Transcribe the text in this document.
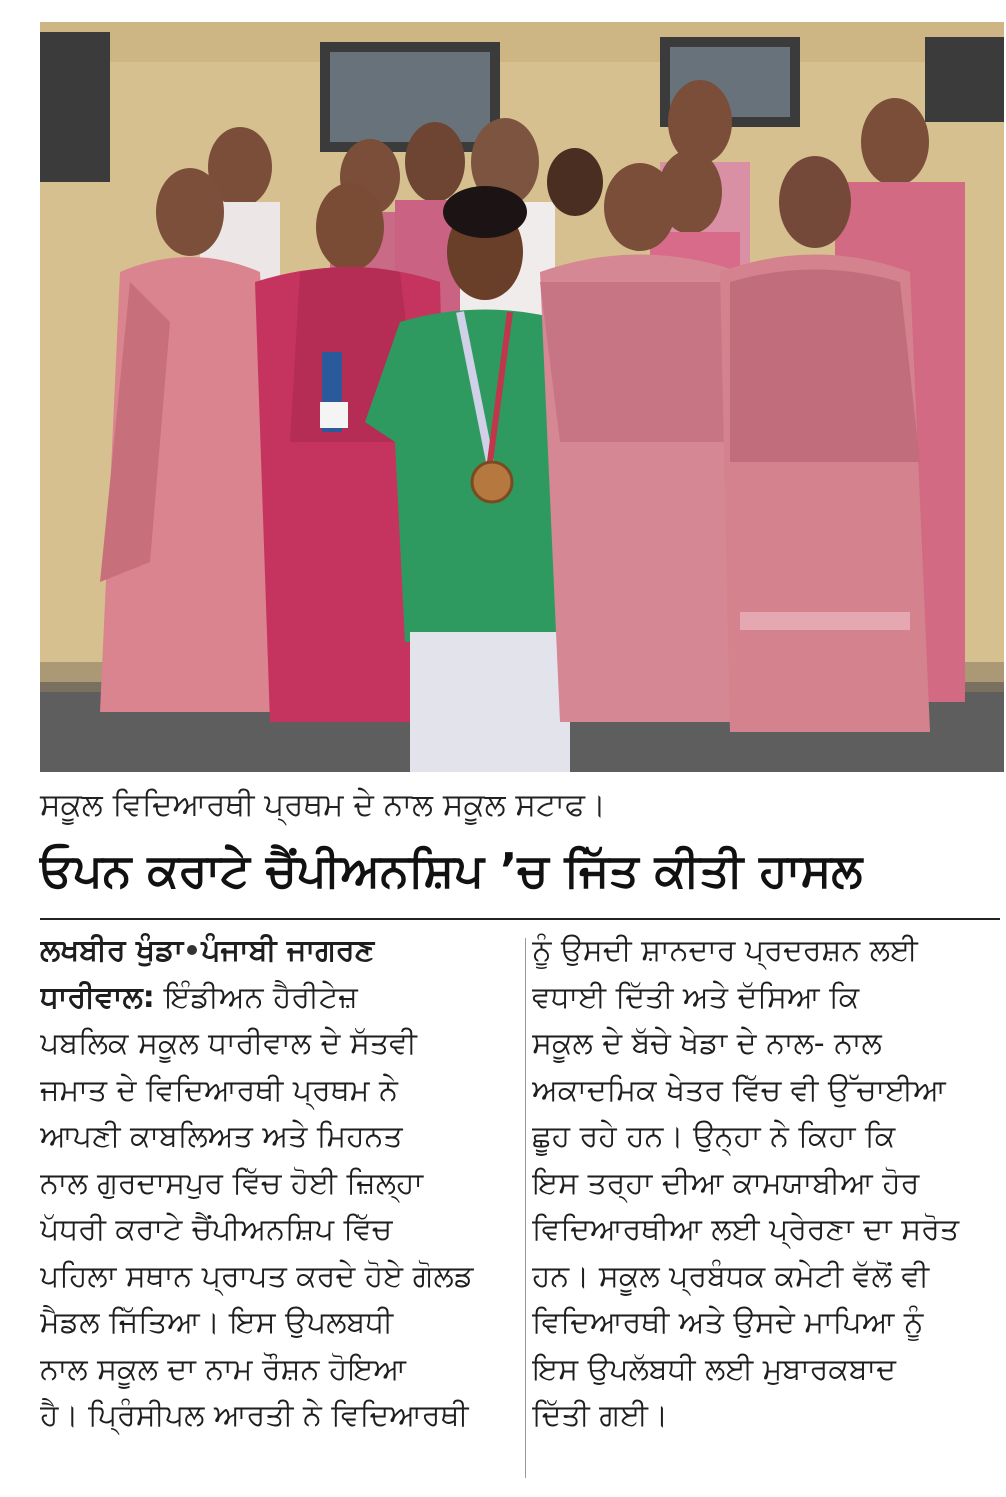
ਸਕੂਲ ਵਿਦਿਆਰਥੀ ਪ੍ਰਥਮ ਦੇ ਨਾਲ ਸਕੂਲ ਸਟਾਫ।
ਓਪਨ ਕਰਾਟੇ ਚੈਂਪੀਅਨਸ਼ਿਪ ’ਚ ਜਿੱਤ ਕੀਤੀ ਹਾਸਲ
ਲਖਬੀਰ ਖੁੰਡਾ ਪੰਜਾਬੀ ਜਾਗਰਣ
ਧਾਰੀਵਾਲ: ਇੰਡੀਅਨ ਹੈਰੀਟੇਜ਼
ਪਬਲਿਕ ਸਕੂਲ ਧਾਰੀਵਾਲ ਦੇ ਸੱਤਵੀ
ਜਮਾਤ ਦੇ ਵਿਦਿਆਰਥੀ ਪ੍ਰਥਮ ਨੇ
ਆਪਣੀ ਕਾਬਲਿਅਤ ਅਤੇ ਮਿਹਨਤ
ਨਾਲ ਗੁਰਦਾਸਪੁਰ ਵਿੱਚ ਹੋਈ ਜ਼ਿਲ੍ਹਾ
ਪੱਧਰੀ ਕਰਾਟੇ ਚੈਂਪੀਅਨਸ਼ਿਪ ਵਿੱਚ
ਪਹਿਲਾ ਸਥਾਨ ਪ੍ਰਾਪਤ ਕਰਦੇ ਹੋਏ ਗੋਲਡ
ਮੈਡਲ ਜਿੱਤਿਆ। ਇਸ ਉਪਲਬਧੀ
ਨਾਲ ਸਕੂਲ ਦਾ ਨਾਮ ਰੌਸ਼ਨ ਹੋਇਆ
ਹੈ। ਪ੍ਰਿੰਸੀਪਲ ਆਰਤੀ ਨੇ ਵਿਦਿਆਰਥੀ
ਨੂੰ ਉਸਦੀ ਸ਼ਾਨਦਾਰ ਪ੍ਰਦਰਸ਼ਨ ਲਈ
ਵਧਾਈ ਦਿੱਤੀ ਅਤੇ ਦੱਸਿਆ ਕਿ
ਸਕੂਲ ਦੇ ਬੱਚੇ ਖੇਡਾ ਦੇ ਨਾਲ- ਨਾਲ
ਅਕਾਦਮਿਕ ਖੇਤਰ ਵਿੱਚ ਵੀ ਉੱਚਾਈਆ
ਛੂਹ ਰਹੇ ਹਨ। ਉਨ੍ਹਾ ਨੇ ਕਿਹਾ ਕਿ
ਇਸ ਤਰ੍ਹਾ ਦੀਆ ਕਾਮਯਾਬੀਆ ਹੋਰ
ਵਿਦਿਆਰਥੀਆ ਲਈ ਪ੍ਰੇਰਣਾ ਦਾ ਸਰੋਤ
ਹਨ। ਸਕੂਲ ਪ੍ਰਬੰਧਕ ਕਮੇਟੀ ਵੱਲੋਂ ਵੀ
ਵਿਦਿਆਰਥੀ ਅਤੇ ਉਸਦੇ ਮਾਪਿਆ ਨੂੰ
ਇਸ ਉਪਲੱਬਧੀ ਲਈ ਮੁਬਾਰਕਬਾਦ
ਦਿੱਤੀ ਗਈ।
